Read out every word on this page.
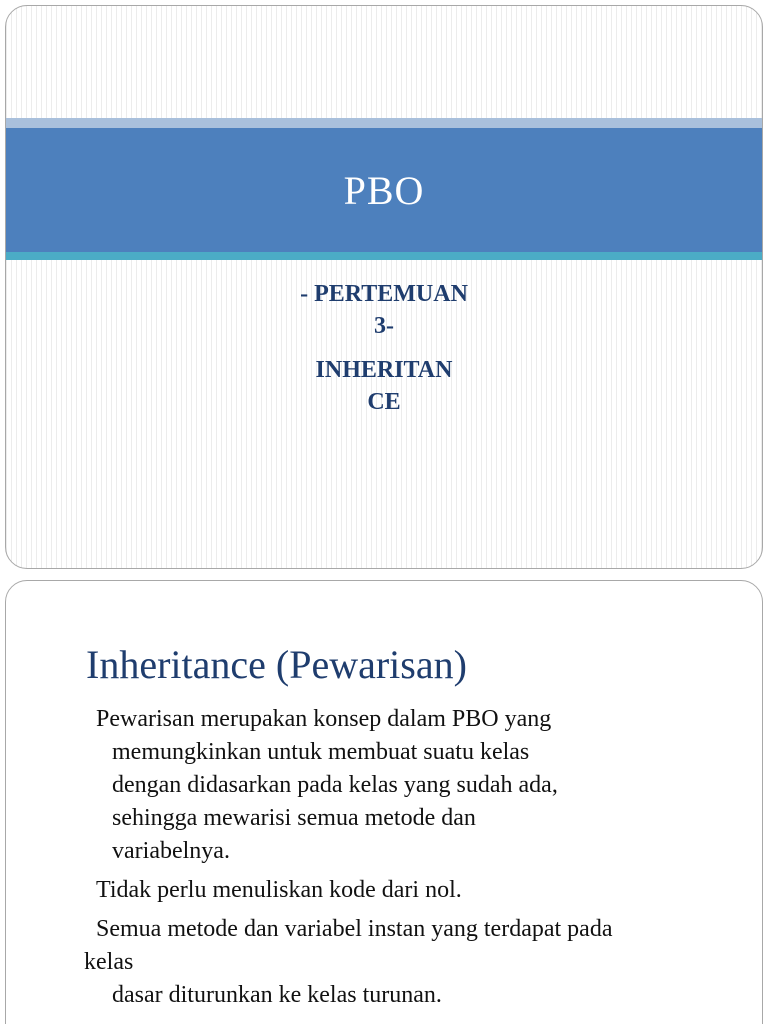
PBO
- PERTEMUAN
3-
INHERITAN
CE
Inheritance (Pewarisan)
Pewarisan merupakan konsep dalam PBO yang
memungkinkan untuk membuat suatu kelas
dengan didasarkan pada kelas yang sudah ada,
sehingga mewarisi semua metode dan
variabelnya.
Tidak perlu menuliskan kode dari nol.
Semua metode dan variabel instan yang terdapat pada
kelas
dasar diturunkan ke kelas turunan.
